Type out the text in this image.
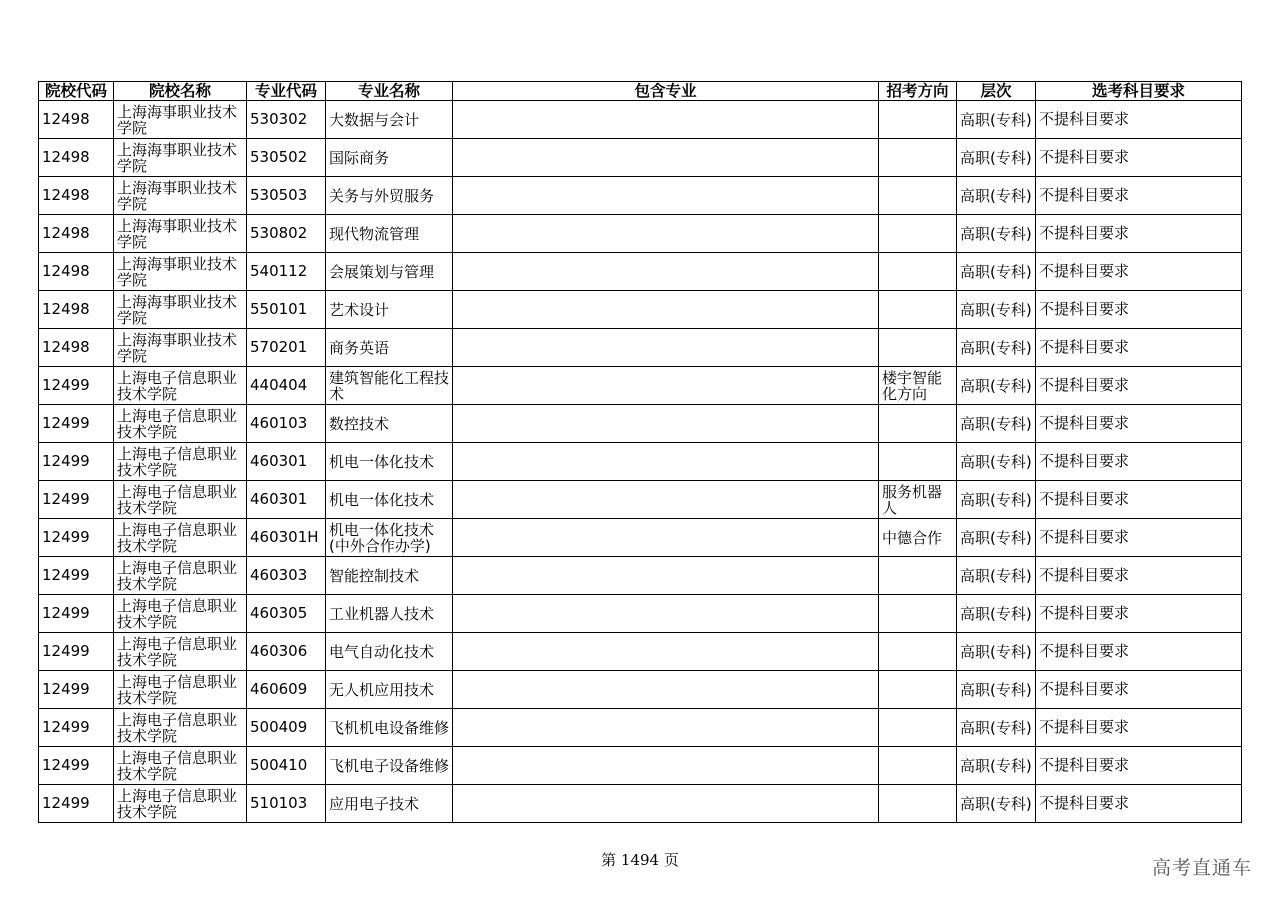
院校代码	院校名称	专业代码	专业名称	包含专业	招考方向	层次	选考科目要求
12498	上海海事职业技术学院	530302	大数据与会计			高职(专科)	不提科目要求
12498	上海海事职业技术学院	530502	国际商务			高职(专科)	不提科目要求
12498	上海海事职业技术学院	530503	关务与外贸服务			高职(专科)	不提科目要求
12498	上海海事职业技术学院	530802	现代物流管理			高职(专科)	不提科目要求
12498	上海海事职业技术学院	540112	会展策划与管理			高职(专科)	不提科目要求
12498	上海海事职业技术学院	550101	艺术设计			高职(专科)	不提科目要求
12498	上海海事职业技术学院	570201	商务英语			高职(专科)	不提科目要求
12499	上海电子信息职业技术学院	440404	建筑智能化工程技术		楼宇智能化方向	高职(专科)	不提科目要求
12499	上海电子信息职业技术学院	460103	数控技术			高职(专科)	不提科目要求
12499	上海电子信息职业技术学院	460301	机电一体化技术			高职(专科)	不提科目要求
12499	上海电子信息职业技术学院	460301	机电一体化技术		服务机器人	高职(专科)	不提科目要求
12499	上海电子信息职业技术学院	460301H	机电一体化技术(中外合作办学)		中德合作	高职(专科)	不提科目要求
12499	上海电子信息职业技术学院	460303	智能控制技术			高职(专科)	不提科目要求
12499	上海电子信息职业技术学院	460305	工业机器人技术			高职(专科)	不提科目要求
12499	上海电子信息职业技术学院	460306	电气自动化技术			高职(专科)	不提科目要求
12499	上海电子信息职业技术学院	460609	无人机应用技术			高职(专科)	不提科目要求
12499	上海电子信息职业技术学院	500409	飞机机电设备维修			高职(专科)	不提科目要求
12499	上海电子信息职业技术学院	500410	飞机电子设备维修			高职(专科)	不提科目要求
12499	上海电子信息职业技术学院	510103	应用电子技术			高职(专科)	不提科目要求
第 1494 页	高考直通车
